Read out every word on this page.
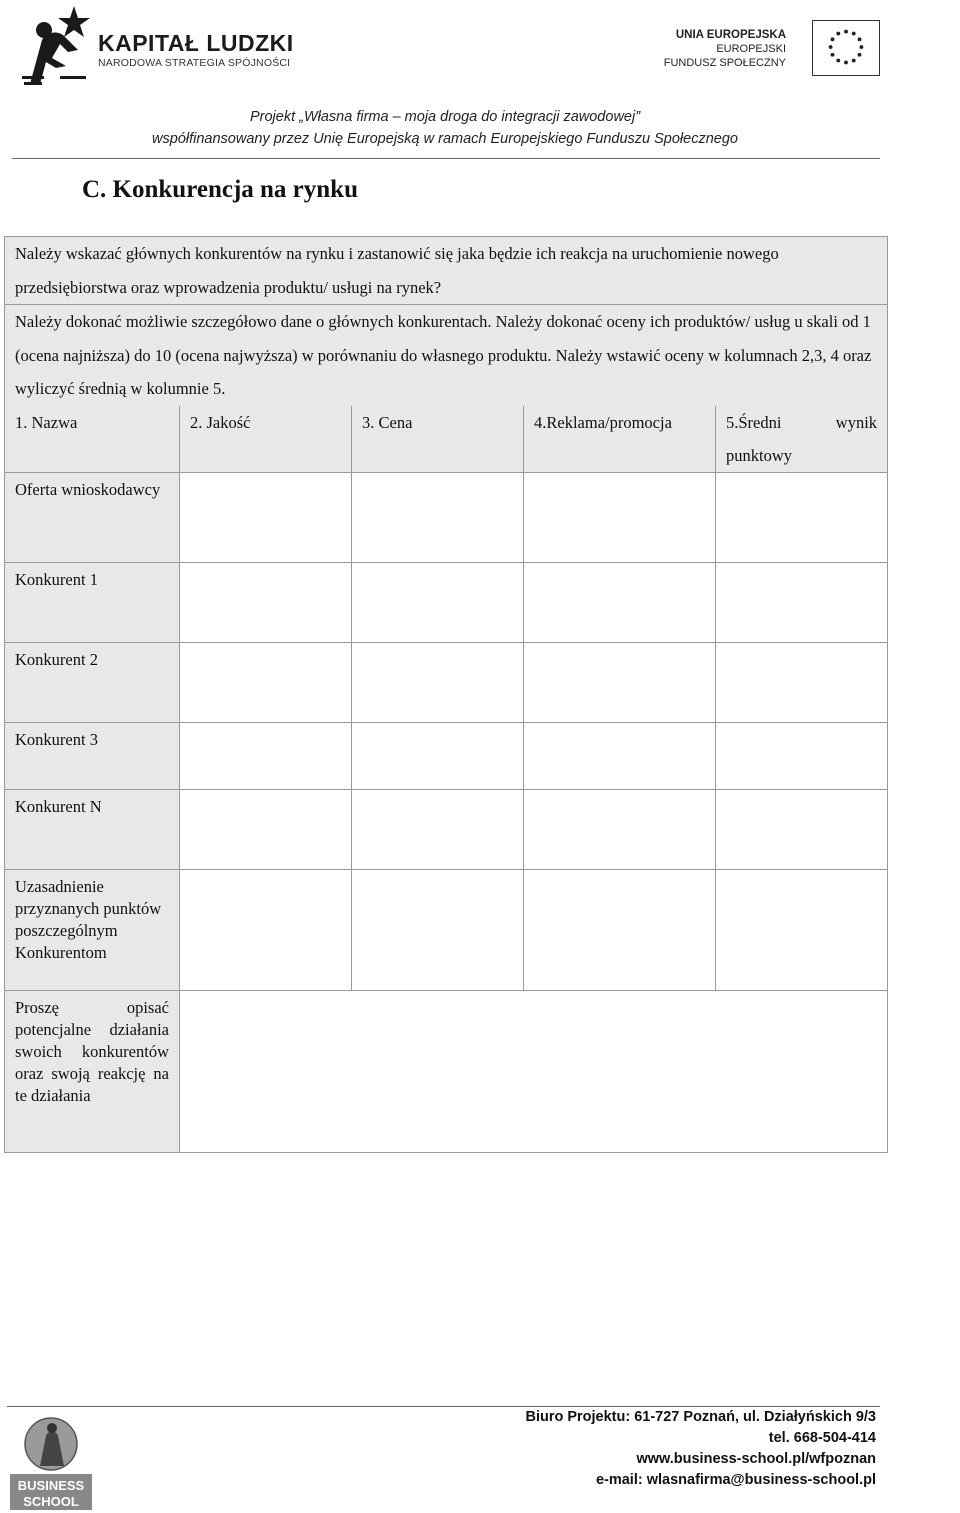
KAPITAŁ LUDZKI
NARODOWA STRATEGIA SPÓJNOŚCI
UNIA EUROPEJSKA
EUROPEJSKI
FUNDUSZ SPOŁECZNY
Projekt „Własna firma – moja droga do integracji zawodowej”
współfinansowany przez Unię Europejską w ramach Europejskiego Funduszu Społecznego
C. Konkurencja na rynku
Należy wskazać głównych konkurentów na rynku i zastanowić się jaka będzie ich reakcja na uruchomienie nowego przedsiębiorstwa oraz wprowadzenia produktu/ usługi na rynek?				
Należy dokonać możliwie szczegółowo dane o głównych konkurentach. Należy dokonać oceny ich produktów/ usług u skali od 1 (ocena najniższa) do 10 (ocena najwyższa) w porównaniu do własnego produktu. Należy wstawić oceny w kolumnach 2,3, 4 oraz wyliczyć średnią w kolumnie 5.				
1. Nazwa	2. Jakość	3. Cena	4.Reklama/promocja	5.Średni wynik punktowy
Oferta wnioskodawcy				
Konkurent 1				
Konkurent 2				
Konkurent 3				
Konkurent N				
Uzasadnienie przyznanych punktów poszczególnym Konkurentom				
Proszę opisać potencjalne działania swoich konkurentów oraz swoją reakcję na te działania				
BUSINESS
SCHOOL
Biuro Projektu: 61-727 Poznań, ul. Działyńskich 9/3
tel. 668-504-414
www.business-school.pl/wfpoznan
e-mail: wlasnafirma@business-school.pl
